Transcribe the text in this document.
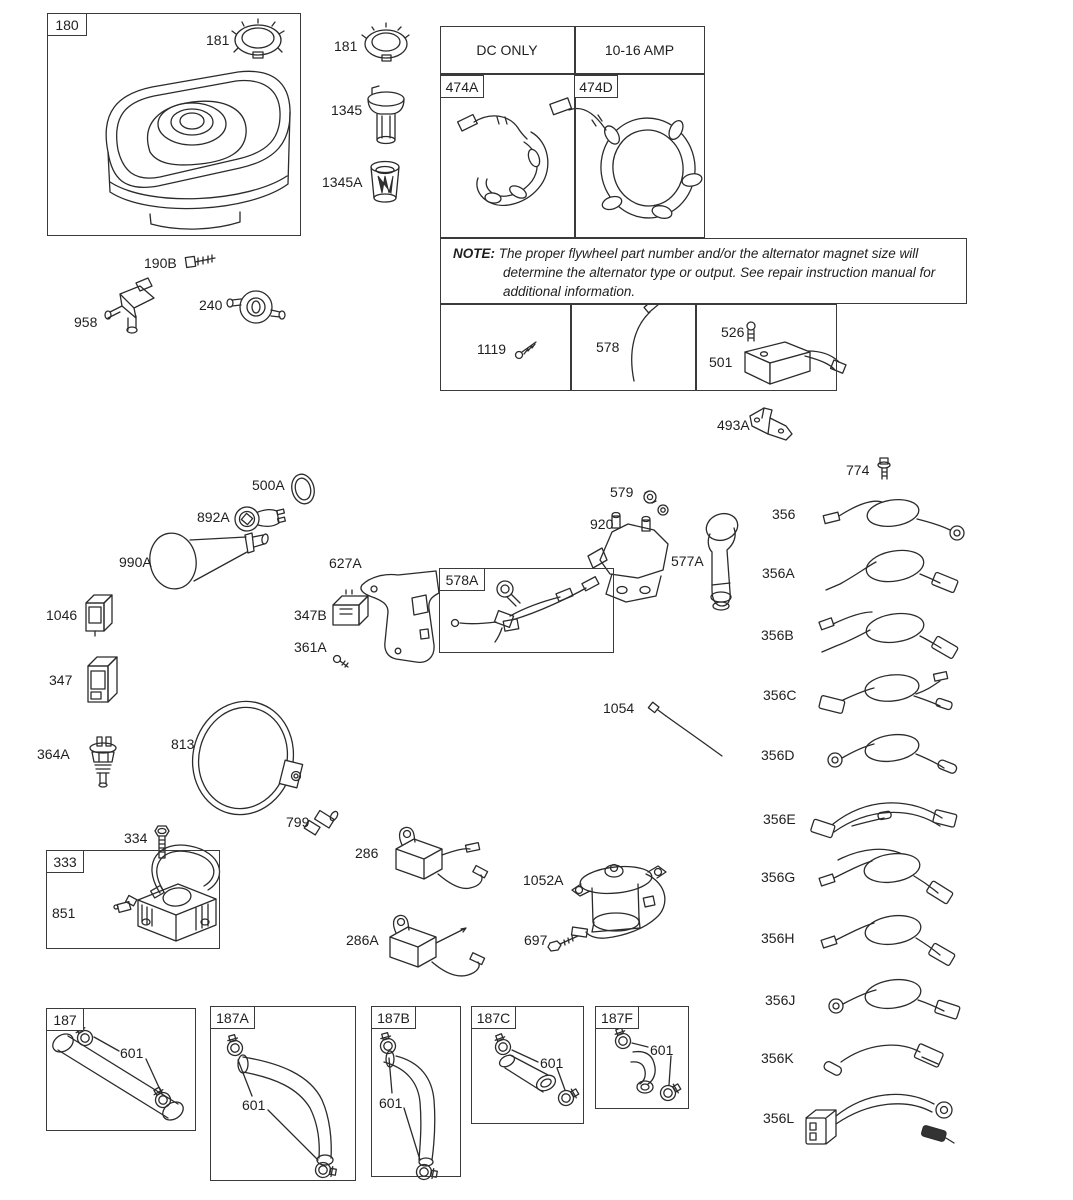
180
474A	474D
578A
333
187	187A	187B	187C	187F
DC ONLY	10-16 AMP
NOTE: The proper flywheel part number and/or the alternator magnet size will determine the alternator type or output. See repair instruction manual for additional information.
181	181
1345
1345A
190B
958
240
1119	578
526
501
493A
774
356
356A
356B
356C
356D
356E
356G
356H
356J
356K
356L
500A
892A
990A	627A
347B
361A
1046
347
364A
813
334
799
851
286
286A
1052A
697
1054
579
920
577A
601
601	601
601
601
